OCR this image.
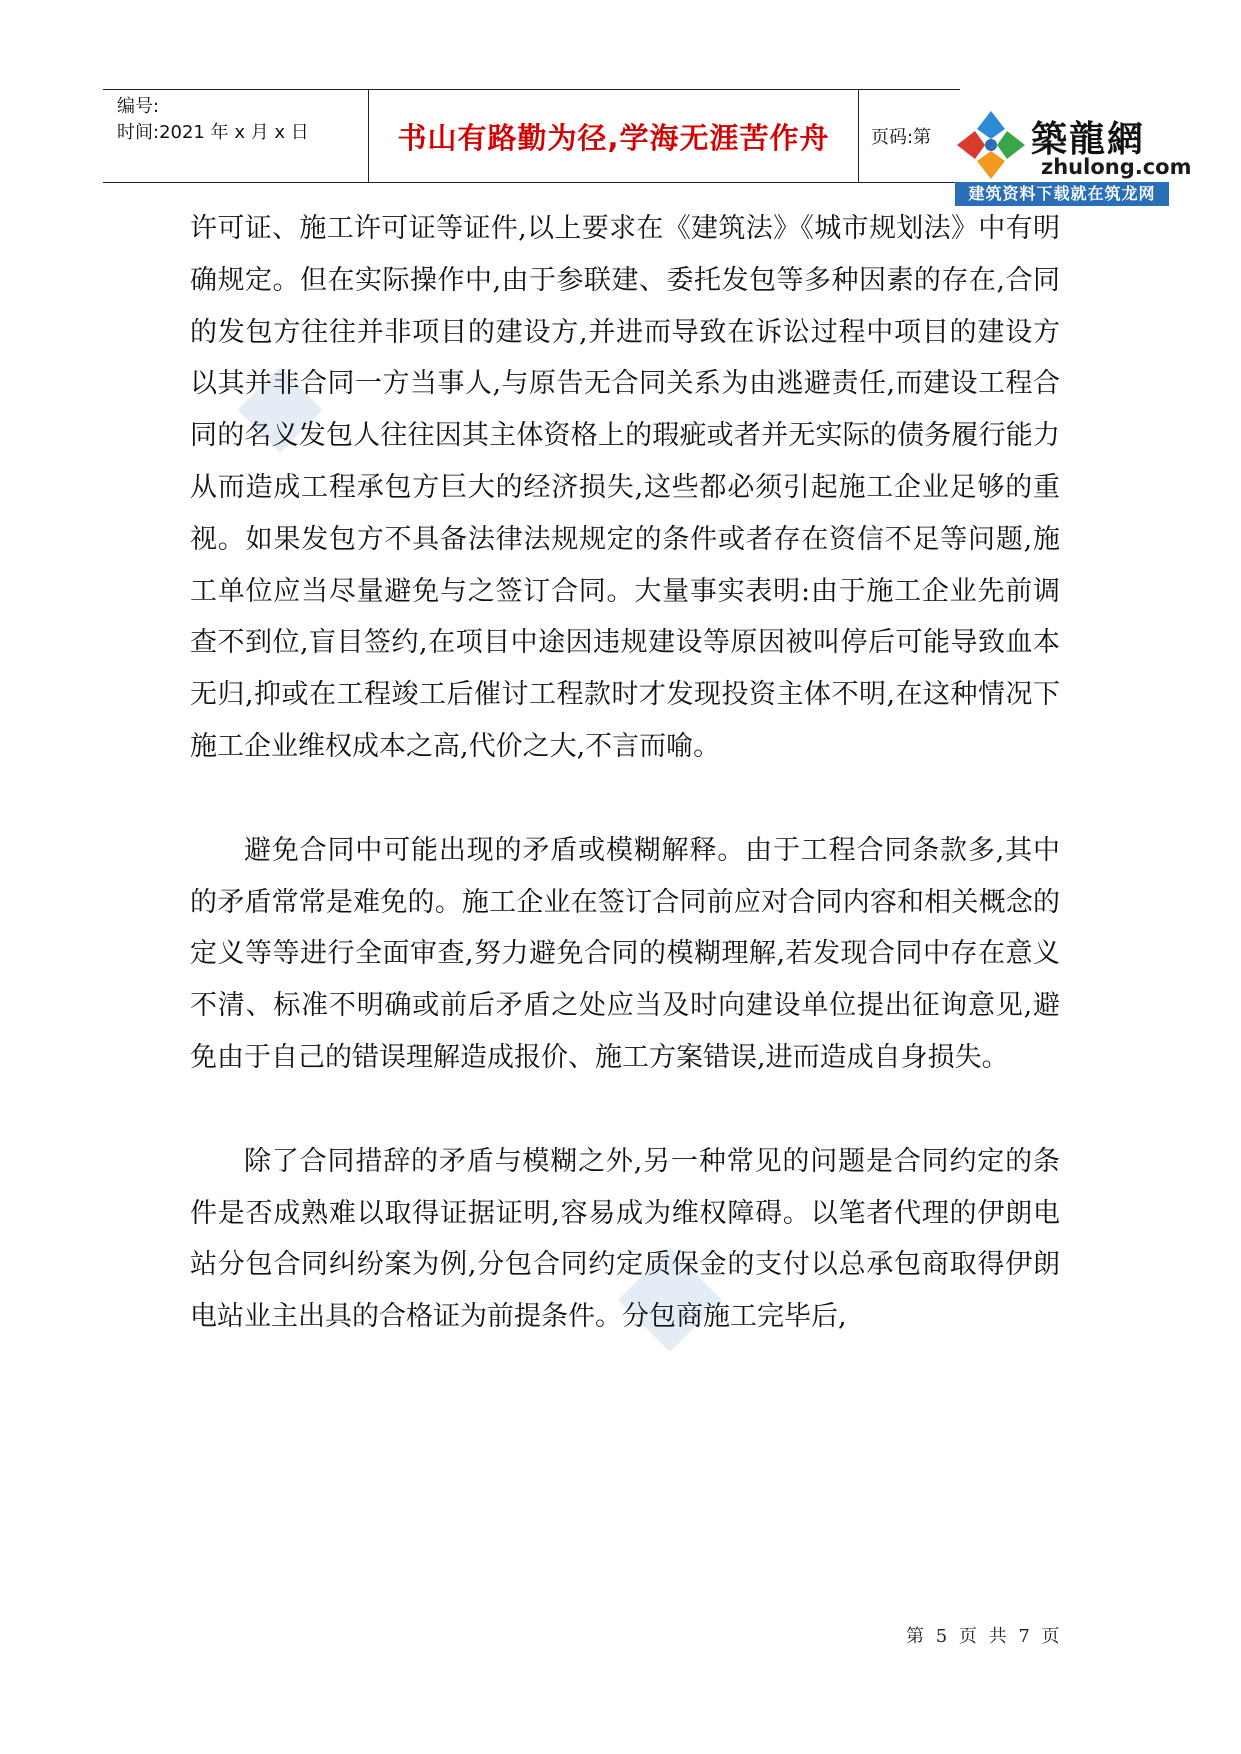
编号:
时间:2021 年 x 月 x 日	书山有路勤为径,学海无涯苦作舟 页码:第	築龍網
zhulong.com
建筑资料下载就在筑龙网

许可证、施工许可证等证件,以上要求在《建筑法》《城市规划法》中有明确规定。但在实际操作中,由于参联建、委托发包等多种因素的存在,合同的发包方往往并非项目的建设方,并进而导致在诉讼过程中项目的建设方以其并非合同一方当事人,与原告无合同关系为由逃避责任,而建设工程合同的名义发包人往往因其主体资格上的瑕疵或者并无实际的债务履行能力从而造成工程承包方巨大的经济损失,这些都必须引起施工企业足够的重视。如果发包方不具备法律法规规定的条件或者存在资信不足等问题,施工单位应当尽量避免与之签订合同。大量事实表明:由于施工企业先前调查不到位,盲目签约,在项目中途因违规建设等原因被叫停后可能导致血本无归,抑或在工程竣工后催讨工程款时才发现投资主体不明,在这种情况下施工企业维权成本之高,代价之大,不言而喻。

避免合同中可能出现的矛盾或模糊解释。由于工程合同条款多,其中的矛盾常常是难免的。施工企业在签订合同前应对合同内容和相关概念的定义等等进行全面审查,努力避免合同的模糊理解,若发现合同中存在意义不清、标准不明确或前后矛盾之处应当及时向建设单位提出征询意见,避免由于自己的错误理解造成报价、施工方案错误,进而造成自身损失。

除了合同措辞的矛盾与模糊之外,另一种常见的问题是合同约定的条件是否成熟难以取得证据证明,容易成为维权障碍。以笔者代理的伊朗电站分包合同纠纷案为例,分包合同约定质保金的支付以总承包商取得伊朗电站业主出具的合格证为前提条件。分包商施工完毕后,

第 5 页 共 7 页
